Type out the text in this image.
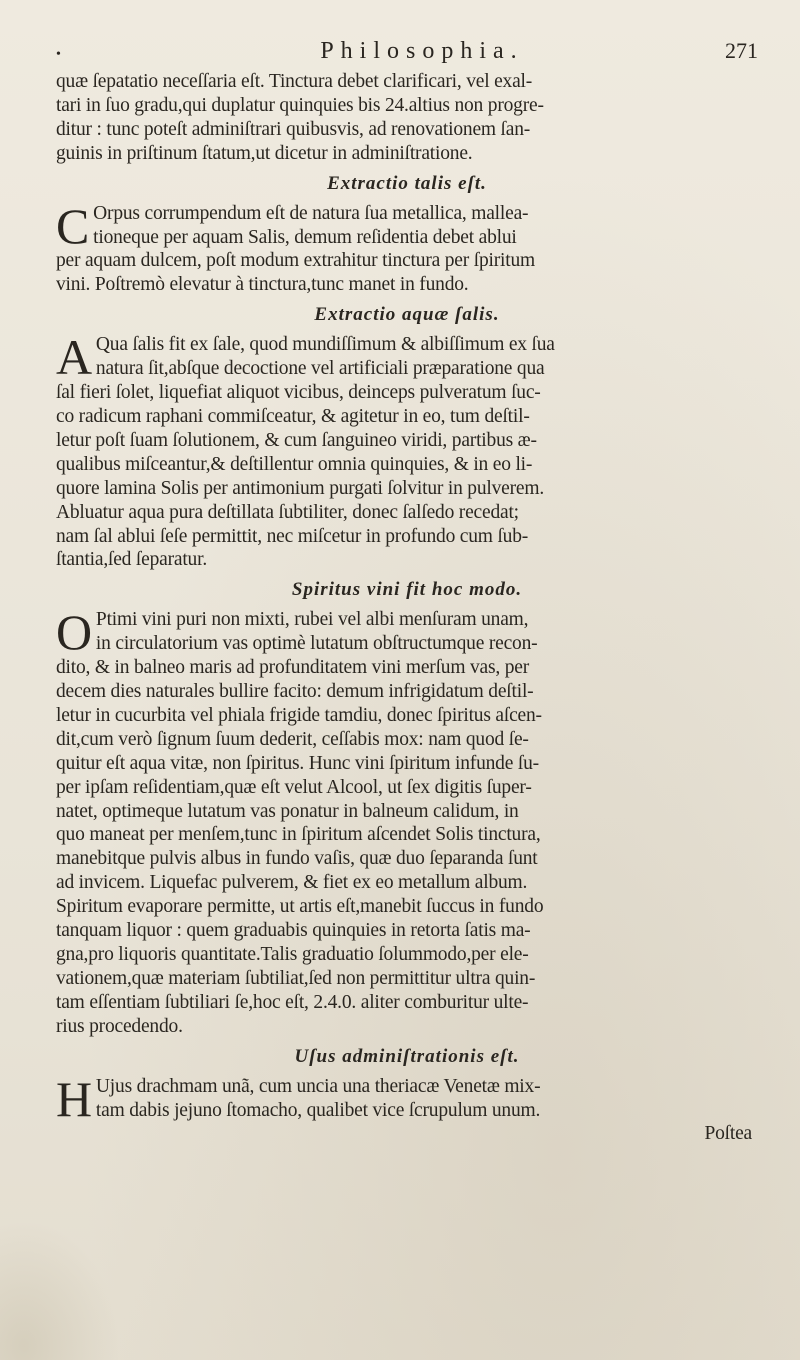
•	Philosophia.	271
quæ ſepatatio neceſſaria eſt. Tinctura debet clarificari, vel exal-
tari in ſuo gradu,qui duplatur quinquies bis 24.altius non progre-
ditur : tunc poteſt adminiſtrari quibusvis, ad renovationem ſan-
guinis in priſtinum ſtatum,ut dicetur in adminiſtratione.
Extractio talis eſt.
C Orpus corrumpendum eſt de natura ſua metallica, mallea-
tioneque per aquam Salis, demum reſidentia debet ablui
per aquam dulcem, poſt modum extrahitur tinctura per ſpiritum
vini. Poſtremò elevatur à tinctura,tunc manet in fundo.
Extractio aquæ ſalis.
A Qua ſalis fit ex ſale, quod mundiſſimum & albiſſimum ex ſua
natura ſit,abſque decoctione vel artificiali præparatione qua
ſal fieri ſolet, liquefiat aliquot vicibus, deinceps pulveratum ſuc-
co radicum raphani commiſceatur, & agitetur in eo, tum deſtil-
letur poſt ſuam ſolutionem, & cum ſanguineo viridi, partibus æ-
qualibus miſceantur,& deſtillentur omnia quinquies, & in eo li-
quore lamina Solis per antimonium purgati ſolvitur in pulverem.
Abluatur aqua pura deſtillata ſubtiliter, donec ſalſedo recedat;
nam ſal ablui ſeſe permittit, nec miſcetur in profundo cum ſub-
ſtantia,ſed ſeparatur.
Spiritus vini fit hoc modo.
O Ptimi vini puri non mixti, rubei vel albi menſuram unam,
in circulatorium vas optimè lutatum obſtructumque recon-
dito, & in balneo maris ad profunditatem vini merſum vas, per
decem dies naturales bullire facito: demum infrigidatum deſtil-
letur in cucurbita vel phiala frigide tamdiu, donec ſpiritus aſcen-
dit,cum verò ſignum ſuum dederit, ceſſabis mox: nam quod ſe-
quitur eſt aqua vitæ, non ſpiritus. Hunc vini ſpiritum infunde ſu-
per ipſam reſidentiam,quæ eſt velut Alcool, ut ſex digitis ſuper-
natet, optimeque lutatum vas ponatur in balneum calidum, in
quo maneat per menſem,tunc in ſpiritum aſcendet Solis tinctura,
manebitque pulvis albus in fundo vaſis, quæ duo ſeparanda ſunt
ad invicem. Liquefac pulverem, & fiet ex eo metallum album.
Spiritum evaporare permitte, ut artis eſt,manebit ſuccus in fundo
tanquam liquor : quem graduabis quinquies in retorta ſatis ma-
gna,pro liquoris quantitate.Talis graduatio ſolummodo,per ele-
vationem,quæ materiam ſubtiliat,ſed non permittitur ultra quin-
tam eſſentiam ſubtiliari ſe,hoc eſt, 2.4.0. aliter comburitur ulte-
rius procedendo.
Uſus adminiſtrationis eſt.
H Ujus drachmam unã, cum uncia una theriacæ Venetæ mix-
tam dabis jejuno ſtomacho, qualibet vice ſcrupulum unum.
Poſtea
